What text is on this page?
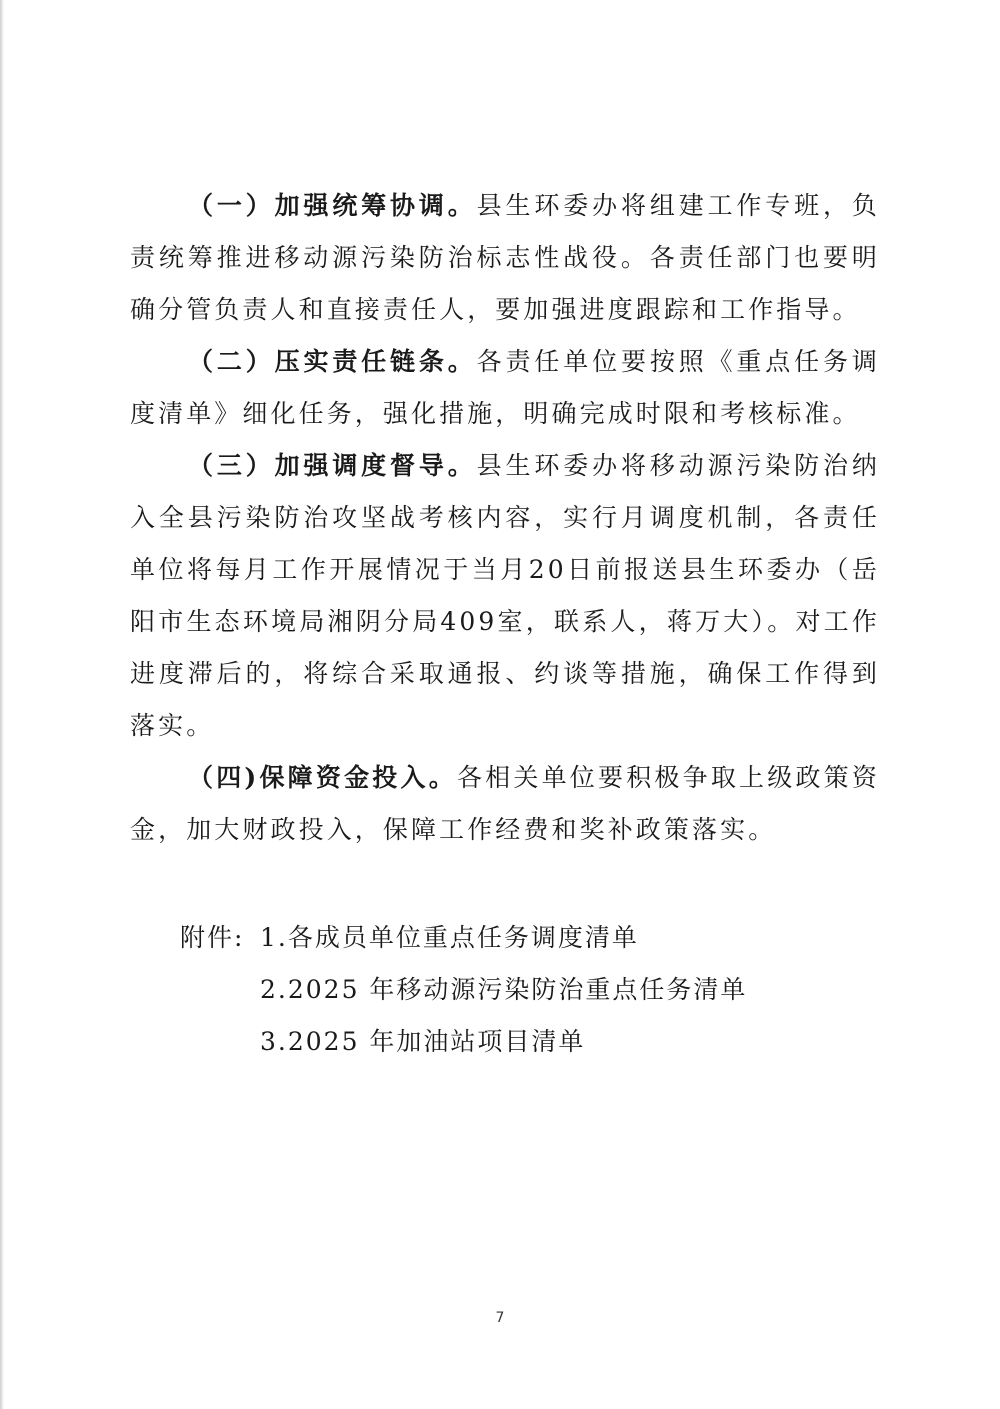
（一）加强统筹协调。县生环委办将组建工作专班，负责统筹推进移动源污染防治标志性战役。各责任部门也要明确分管负责人和直接责任人，要加强进度跟踪和工作指导。

（二）压实责任链条。各责任单位要按照《重点任务调度清单》细化任务，强化措施，明确完成时限和考核标准。

（三）加强调度督导。县生环委办将移动源污染防治纳入全县污染防治攻坚战考核内容，实行月调度机制，各责任单位将每月工作开展情况于当月20日前报送县生环委办（岳阳市生态环境局湘阴分局409室，联系人，蒋万大）。对工作进度滞后的，将综合采取通报、约谈等措施，确保工作得到落实。

（四)保障资金投入。各相关单位要积极争取上级政策资金，加大财政投入，保障工作经费和奖补政策落实。

附件: 1.各成员单位重点任务调度清单
2.2025 年移动源污染防治重点任务清单
3.2025 年加油站项目清单
7
